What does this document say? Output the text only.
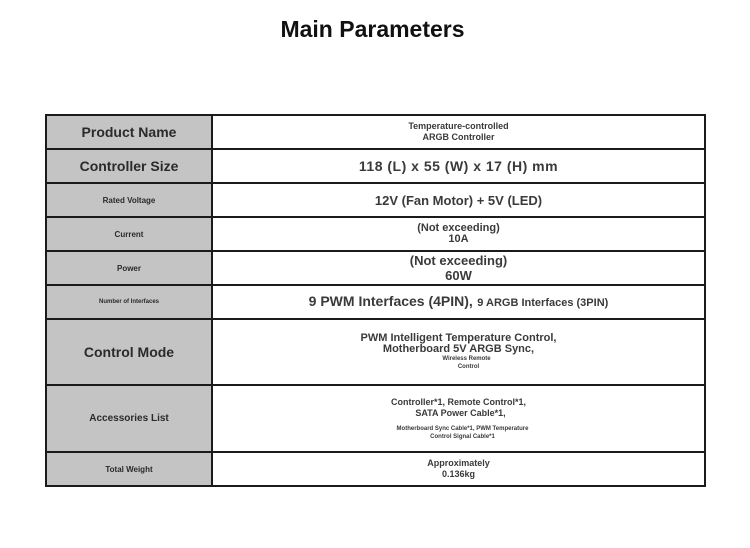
Main Parameters
Product Name	Temperature-controlled
ARGB Controller

Controller Size	118 (L) x 55 (W) x 17 (H) mm
Rated Voltage	12V (Fan Motor) + 5V (LED)
Current	(Not exceeding)
10A

Power	(Not exceeding)
60W

Number of Interfaces	9 PWM Interfaces (4PIN), 9 ARGB Interfaces (3PIN)
Control Mode	PWM Intelligent Temperature Control,
Motherboard 5V ARGB Sync,
Wireless Remote
Control

Accessories List	Controller*1, Remote Control*1,
SATA Power Cable*1,
Motherboard Sync Cable*1, PWM Temperature
Control Signal Cable*1

Total Weight	Approximately
0.136kg
